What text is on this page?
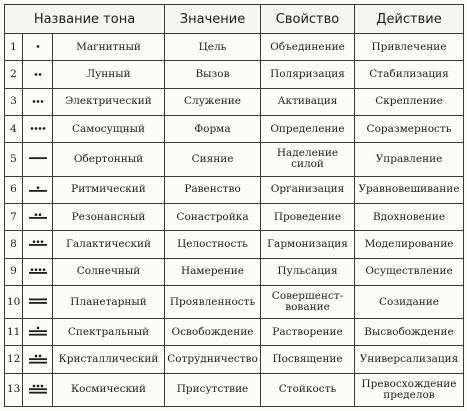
Название тона			Значение	Свойство	Действие
1		Магнитный	Цель	Объединение	Привлечение
2		Лунный	Вызов	Поляризация	Стабилизация
3		Электрический	Служение	Активация	Скрепление
4		Самосущный	Форма	Определение	Соразмерность
5		Обертонный	Сияние	Наделение силой	Управление
6		Ритмический	Равенство	Организация	Уравновешивание
7		Резонансный	Сонастройка	Проведение	Вдохновение
8		Галактический	Целостность	Гармонизация	Моделирование
9		Солнечный	Намерение	Пульсация	Осуществление
10		Планетарный	Проявленность	Совершенст- вование	Созидание
11		Спектральный	Освобождение	Растворение	Высвобождение
12		Кристаллический	Сотрудничество	Посвящение	Универсализация
13		Космический	Присутствие	Стойкость	Превосхождение пределов
